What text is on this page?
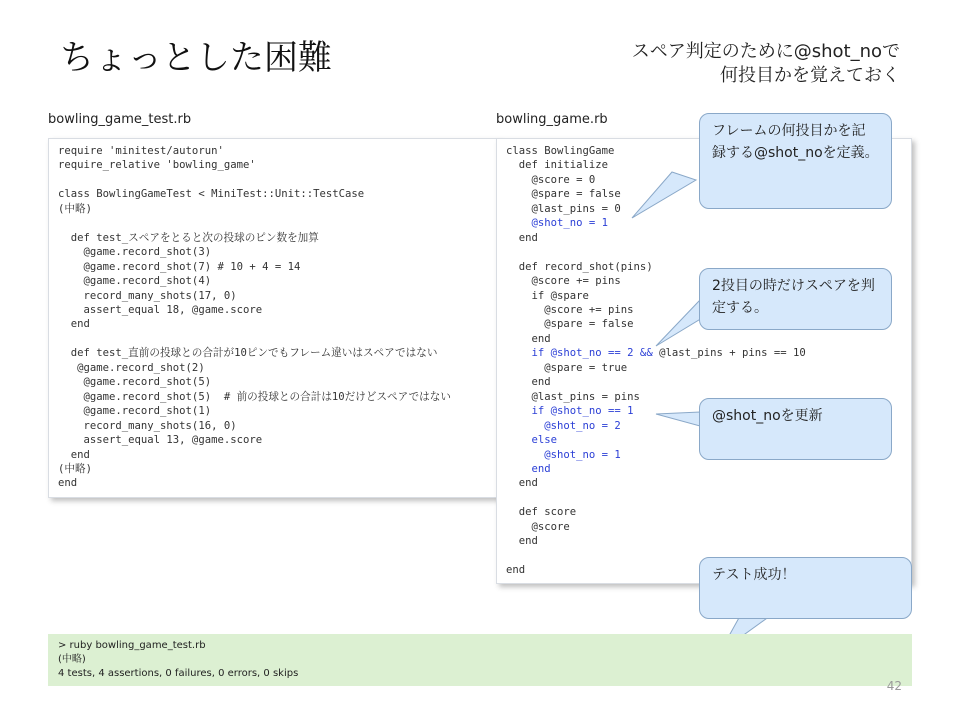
ちょっとした困難	スペア判定のために@shot_noで
何投目かを覚えておく
bowling_game_test.rb	bowling_game.rb
require 'minitest/autorun'
require_relative 'bowling_game'

class BowlingGameTest < MiniTest::Unit::TestCase
(中略)

def test_スペアをとると次の投球のピン数を加算
@game.record_shot(3)
@game.record_shot(7) # 10 + 4 = 14
@game.record_shot(4)
record_many_shots(17, 0)
assert_equal 18, @game.score
end

def test_直前の投球との合計が10ピンでもフレーム違いはスペアではない
@game.record_shot(2)
@game.record_shot(5)
@game.record_shot(5)  # 前の投球との合計は10だけどスペアではない
@game.record_shot(1)
record_many_shots(16, 0)
assert_equal 13, @game.score
end
(中略)
end
class BowlingGame
def initialize
@score = 0
@spare = false
@last_pins = 0
@shot_no = 1
end

def record_shot(pins)
@score += pins
if @spare
@score += pins
@spare = false
end
if @shot_no == 2 && @last_pins + pins == 10
@spare = true
end
@last_pins = pins
if @shot_no == 1
@shot_no = 2
else
@shot_no = 1
end
end

def score
@score
end

end
フレームの何投目かを記録する@shot_noを定義。
2投目の時だけスペアを判定する。
@shot_noを更新
テスト成功！
> ruby bowling_game_test.rb
(中略)
4 tests, 4 assertions, 0 failures, 0 errors, 0 skips
42
